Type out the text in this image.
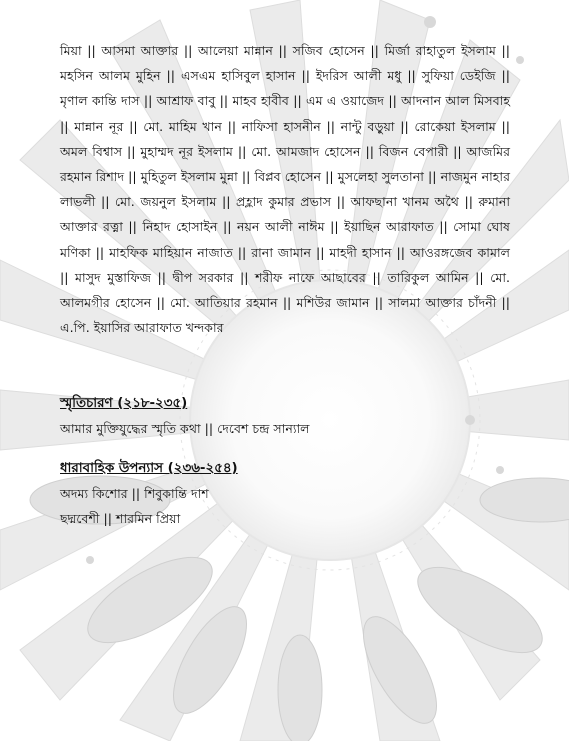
মিয়া || আসমা আক্তার || আলেয়া মান্নান || সজিব হোসেন || মির্জা রাহাতুল ইসলাম || মহসিন আলম মুহিন || এসএম হাসিবুল হাসান || ইদরিস আলী মধু || সুফিয়া ডেইজি || মৃণাল কান্তি দাস || আশ্রাফ বাবু || মাহব হাবীব || এম এ ওয়াজেদ || আদনান আল মিসবাহ || মান্নান নূর || মো. মাহিম খান || নাফিসা হাসনীন || নান্টু বড়ুয়া || রোকেয়া ইসলাম || অমল বিশ্বাস || মুহাম্মদ নূর ইসলাম || মো. আমজাদ হোসেন || বিজন বেপারী || আজমির রহমান রিশাদ || মুহিতুল ইসলাম মুন্না || বিপ্লব হোসেন || মুসলেহা সুলতানা || নাজমুন নাহার লাভলী || মো. জয়নুল ইসলাম || প্রহ্লাদ কুমার প্রভাস || আফছানা খানম অথৈ || রুমানা আক্তার রত্না || নিহাদ হোসাইন || নয়ন আলী নাঈম || ইয়াছিন আরাফাত || সোমা ঘোষ মণিকা || মাহফিক মাহিয়ান নাজাত || রানা জামান || মাহদী হাসান || আওরঙ্গজেব কামাল || মাসুদ মুস্তাফিজ || দ্বীপ সরকার || শরীফ নাফে আছাবের || তারিকুল আমিন || মো. আলমগীর হোসেন || মো. আতিয়ার রহমান || মশিউর জামান || সালমা আক্তার চাঁদনী || এ.পি. ইয়াসির আরাফাত খন্দকার

স্মৃতিচারণ (২১৮-২৩৫)

আমার মুক্তিযুদ্ধের স্মৃতি কথা || দেবেশ চন্দ্র সান্যাল

ধারাবাহিক উপন্যাস (২৩৬-২৫৪)

অদম্য কিশোর || শিবুকান্তি দাশ

ছদ্মবেশী || শারমিন প্রিয়া
